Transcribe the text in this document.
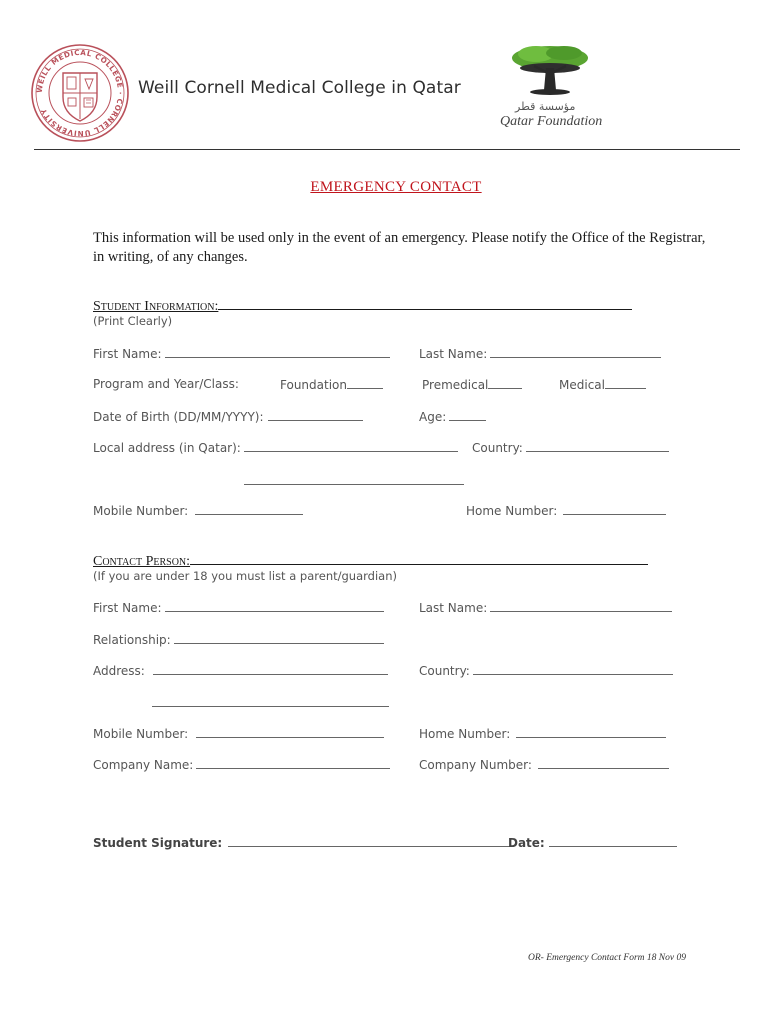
WEILL MEDICAL COLLEGE · CORNELL UNIVERSITY
Weill Cornell Medical College in Qatar
مؤسسة قطر
Qatar Foundation
EMERGENCY CONTACT
This information will be used only in the event of an emergency. Please notify the Office of the Registrar, in writing, of any changes.
Student Information:
(Print Clearly)
First Name:	Last Name:
Program and Year/Class:	Foundation	Premedical	Medical
Date of Birth (DD/MM/YYYY):	Age:
Local address (in Qatar):	Country:
Mobile Number:	Home Number:
Contact Person:
(If you are under 18 you must list a parent/guardian)
First Name:	Last Name:
Relationship:
Address:	Country:
Mobile Number:	Home Number:
Company Name:	Company Number:
Student Signature:	Date:
OR- Emergency Contact Form 18 Nov 09
